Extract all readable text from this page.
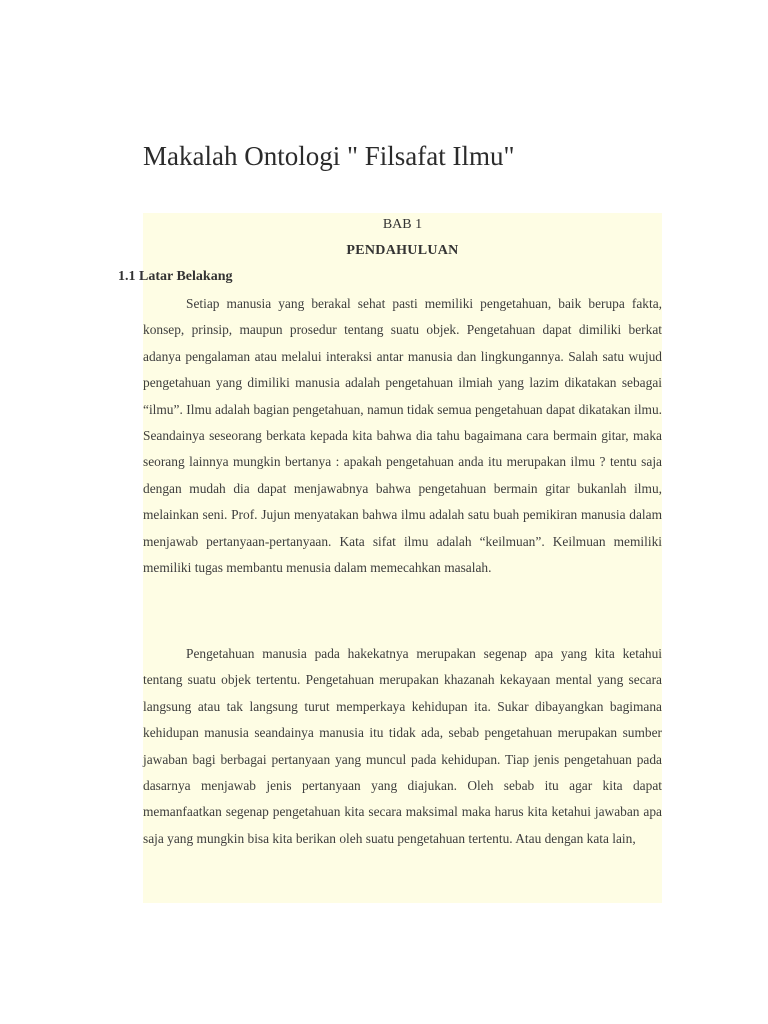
Makalah Ontologi " Filsafat Ilmu"
BAB 1
PENDAHULUAN
1.1 Latar Belakang

Setiap manusia yang berakal sehat pasti memiliki pengetahuan, baik berupa fakta, konsep, prinsip, maupun prosedur tentang suatu objek. Pengetahuan dapat dimiliki berkat adanya pengalaman atau melalui interaksi antar manusia dan lingkungannya. Salah satu wujud pengetahuan yang dimiliki manusia adalah pengetahuan ilmiah yang lazim dikatakan sebagai “ilmu”. Ilmu adalah bagian pengetahuan, namun tidak semua pengetahuan dapat dikatakan ilmu. Seandainya seseorang berkata kepada kita bahwa dia tahu bagaimana cara bermain gitar, maka seorang lainnya mungkin bertanya : apakah pengetahuan anda itu merupakan ilmu ? tentu saja dengan mudah dia dapat menjawabnya bahwa pengetahuan bermain gitar bukanlah ilmu, melainkan seni. Prof. Jujun menyatakan bahwa ilmu adalah satu buah pemikiran manusia dalam menjawab pertanyaan-pertanyaan. Kata sifat ilmu adalah “keilmuan”. Keilmuan memiliki memiliki tugas membantu menusia dalam memecahkan masalah.

Pengetahuan manusia pada hakekatnya merupakan segenap apa yang kita ketahui tentang suatu objek tertentu. Pengetahuan merupakan khazanah kekayaan mental yang secara langsung atau tak langsung turut memperkaya kehidupan ita. Sukar dibayangkan bagimana kehidupan manusia seandainya manusia itu tidak ada, sebab pengetahuan merupakan sumber jawaban bagi berbagai pertanyaan yang muncul pada kehidupan. Tiap jenis pengetahuan pada dasarnya menjawab jenis pertanyaan yang diajukan. Oleh sebab itu agar kita dapat memanfaatkan segenap pengetahuan kita secara maksimal maka harus kita ketahui jawaban apa saja yang mungkin bisa kita berikan oleh suatu pengetahuan tertentu. Atau dengan kata lain,
